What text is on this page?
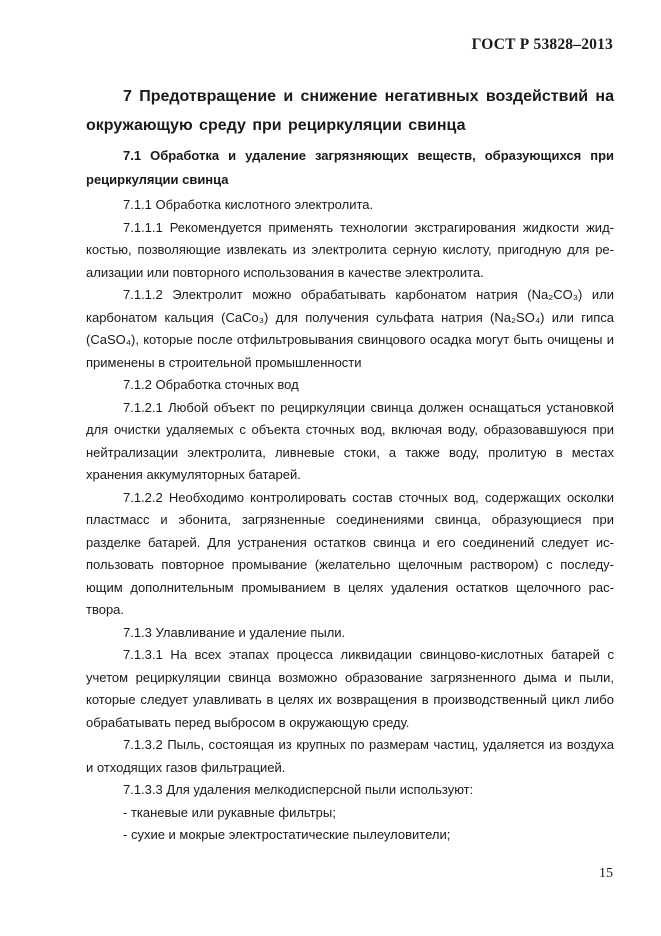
ГОСТ Р 53828–2013
7 Предотвращение и снижение негативных воздействий на окружающую среду при рециркуляции свинца
7.1 Обработка и удаление загрязняющих веществ, образующихся при рециркуляции свинца
7.1.1 Обработка кислотного электролита.
7.1.1.1 Рекомендуется применять технологии экстрагирования жидкости жидкостью, позволяющие извлекать из электролита серную кислоту, пригодную для реализации или повторного использования в качестве электролита.
7.1.1.2 Электролит можно обрабатывать карбонатом натрия (Na₂CO₃) или карбонатом кальция (CaCo₃) для получения сульфата натрия (Na₂SO₄) или гипса (CaSO₄), которые после отфильтровывания свинцового осадка могут быть очищены и применены в строительной промышленности
7.1.2 Обработка сточных вод
7.1.2.1 Любой объект по рециркуляции свинца должен оснащаться установкой для очистки удаляемых с объекта сточных вод, включая воду, образовавшуюся при нейтрализации электролита, ливневые стоки, а также воду, пролитую в местах хранения аккумуляторных батарей.
7.1.2.2 Необходимо контролировать состав сточных вод, содержащих осколки пластмасс и эбонита, загрязненные соединениями свинца, образующиеся при разделке батарей. Для устранения остатков свинца и его соединений следует использовать повторное промывание (желательно щелочным раствором) с последующим дополнительным промыванием в целях удаления остатков щелочного раствора.
7.1.3 Улавливание и удаление пыли.
7.1.3.1 На всех этапах процесса ликвидации свинцово-кислотных батарей с учетом рециркуляции свинца возможно образование загрязненного дыма и пыли, которые следует улавливать в целях их возвращения в производственный цикл либо обрабатывать перед выбросом в окружающую среду.
7.1.3.2 Пыль, состоящая из крупных по размерам частиц, удаляется из воздуха и отходящих газов фильтрацией.
7.1.3.3 Для удаления мелкодисперсной пыли используют:
- тканевые или рукавные фильтры;
- сухие и мокрые электростатические пылеуловители;
15
